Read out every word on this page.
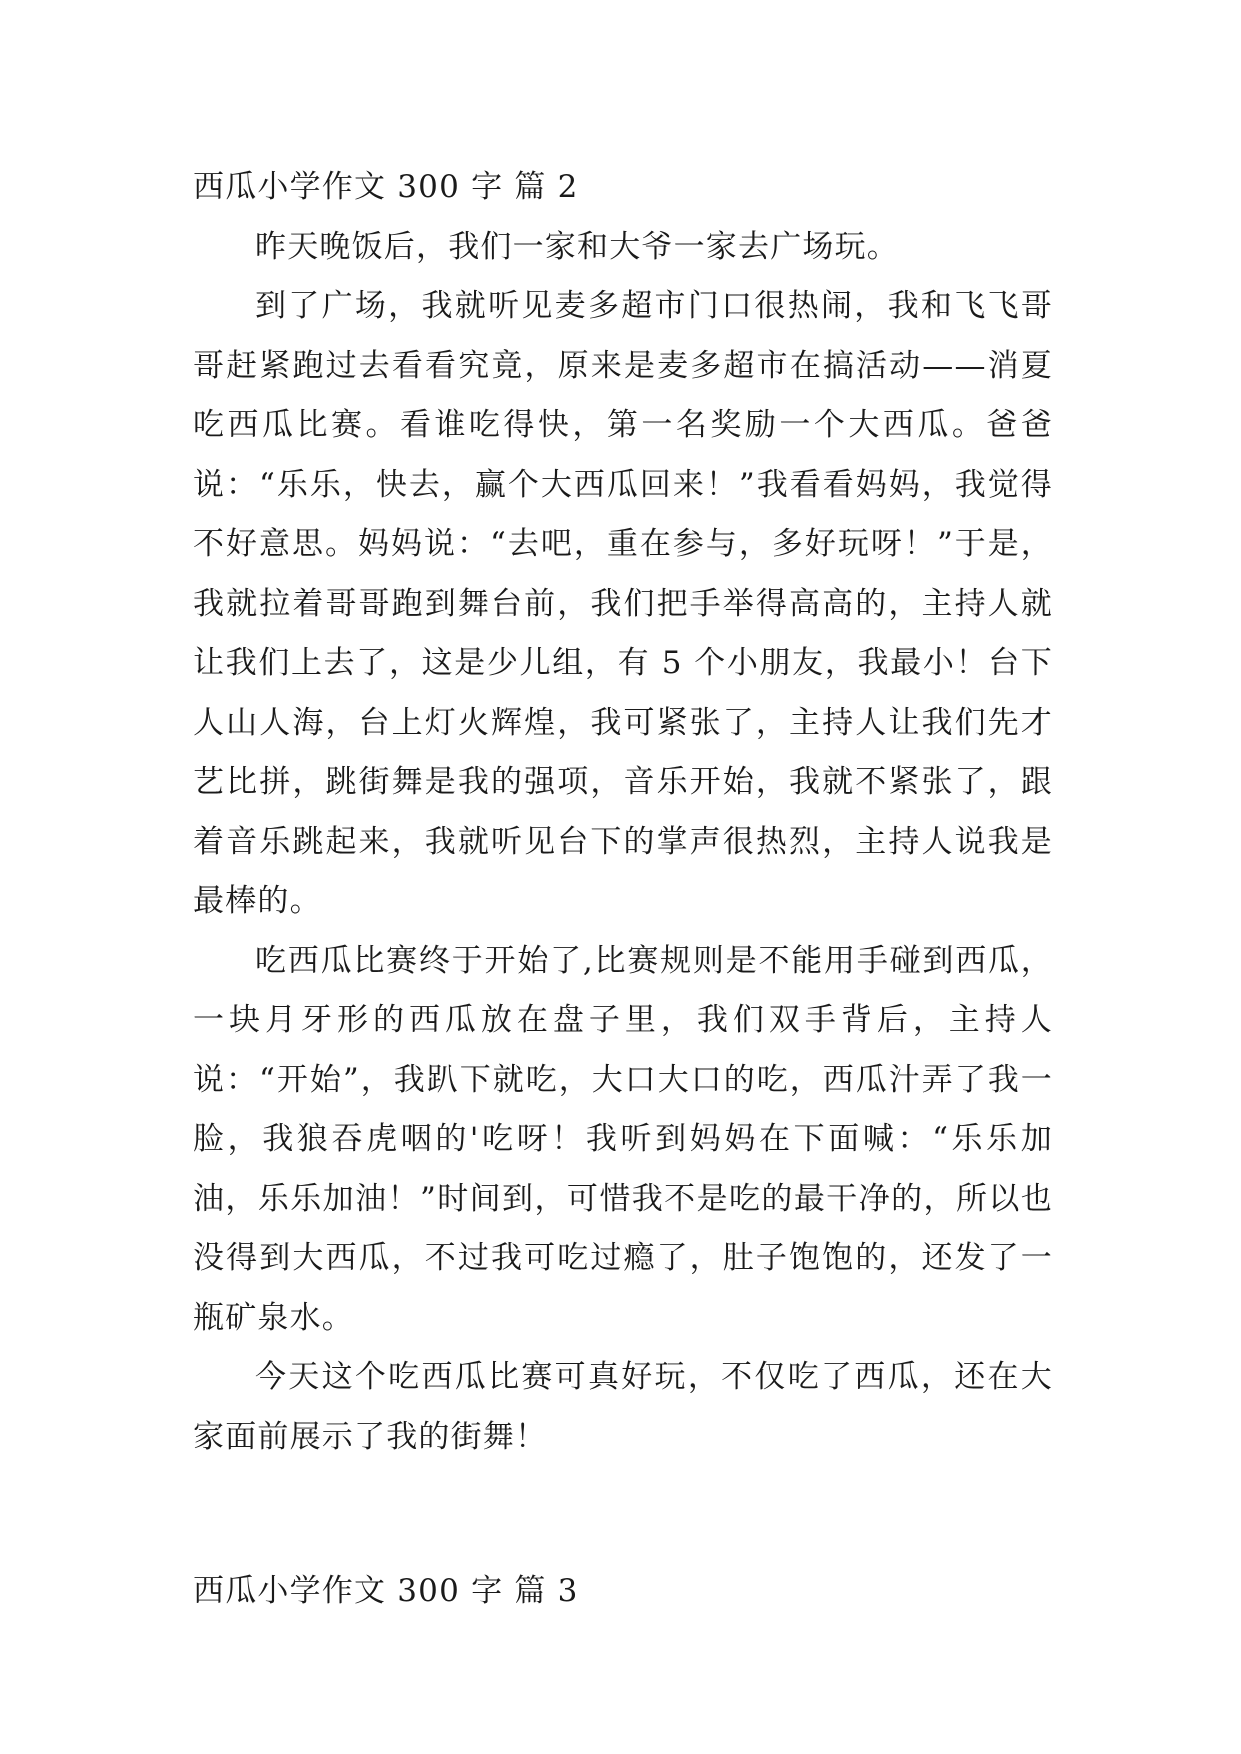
西瓜小学作文 300 字 篇 2

昨天晚饭后，我们一家和大爷一家去广场玩。

到了广场，我就听见麦多超市门口很热闹，我和飞飞哥哥赶紧跑过去看看究竟，原来是麦多超市在搞活动——消夏吃西瓜比赛。看谁吃得快，第一名奖励一个大西瓜。爸爸说：“乐乐，快去，赢个大西瓜回来！”我看看妈妈，我觉得不好意思。妈妈说：“去吧，重在参与，多好玩呀！”于是，我就拉着哥哥跑到舞台前，我们把手举得高高的，主持人就让我们上去了，这是少儿组，有 5 个小朋友，我最小！台下人山人海，台上灯火辉煌，我可紧张了，主持人让我们先才艺比拼，跳街舞是我的强项，音乐开始，我就不紧张了，跟着音乐跳起来，我就听见台下的掌声很热烈，主持人说我是最棒的。

吃西瓜比赛终于开始了,比赛规则是不能用手碰到西瓜，一块月牙形的西瓜放在盘子里，我们双手背后，主持人说：“开始”，我趴下就吃，大口大口的吃，西瓜汁弄了我一脸，我狼吞虎咽的'吃呀！我听到妈妈在下面喊：“乐乐加油，乐乐加油！”时间到，可惜我不是吃的最干净的，所以也没得到大西瓜，不过我可吃过瘾了，肚子饱饱的，还发了一瓶矿泉水。

今天这个吃西瓜比赛可真好玩，不仅吃了西瓜，还在大家面前展示了我的街舞！

西瓜小学作文 300 字 篇 3
